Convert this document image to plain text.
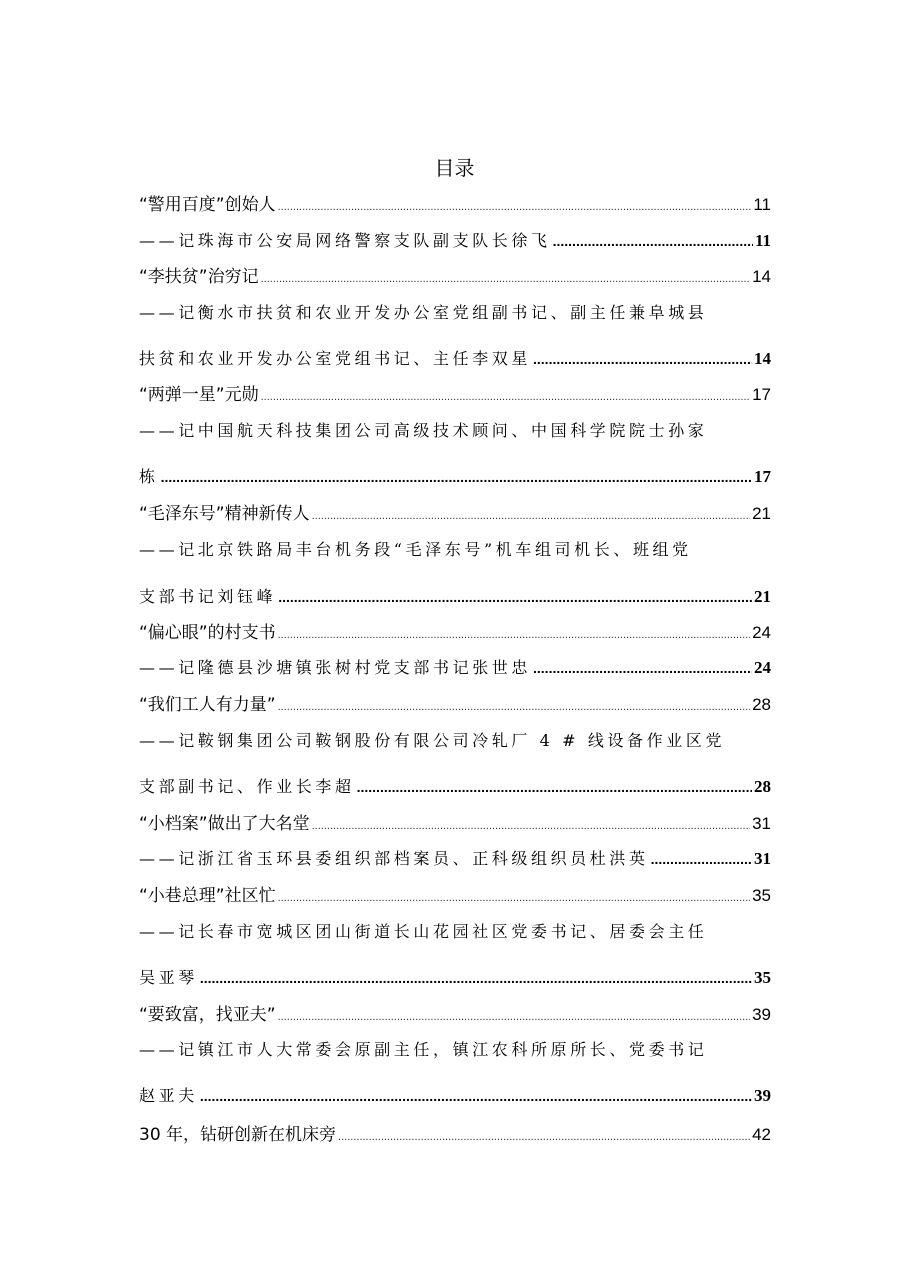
目录
“警用百度”创始人 .....	11
——记珠海市公安局网络警察支队副支队长徐飞 .....	11
“李扶贫”治穷记 .....	14
——记衡水市扶贫和农业开发办公室党组副书记、副主任兼阜城县
扶贫和农业开发办公室党组书记、主任李双星 .....	14
“两弹一星”元勋 .....	17
——记中国航天科技集团公司高级技术顾问、中国科学院院士孙家
栋 .....	17
“毛泽东号”精神新传人 .....	21
——记北京铁路局丰台机务段“毛泽东号”机车组司机长、班组党
支部书记刘钰峰 .....	21
“偏心眼”的村支书 .....	24
——记隆德县沙塘镇张树村党支部书记张世忠 .....	24
“我们工人有力量” .....	28
——记鞍钢集团公司鞍钢股份有限公司冷轧厂 4 # 线设备作业区党
支部副书记、作业长李超 .....	28
“小档案”做出了大名堂 .....	31
——记浙江省玉环县委组织部档案员、正科级组织员杜洪英 .....	31
“小巷总理”社区忙 .....	35
——记长春市宽城区团山街道长山花园社区党委书记、居委会主任
吴亚琴 .....	35
“要致富，找亚夫” .....	39
——记镇江市人大常委会原副主任，镇江农科所原所长、党委书记
赵亚夫 .....	39
30 年，钻研创新在机床旁 .....	42
